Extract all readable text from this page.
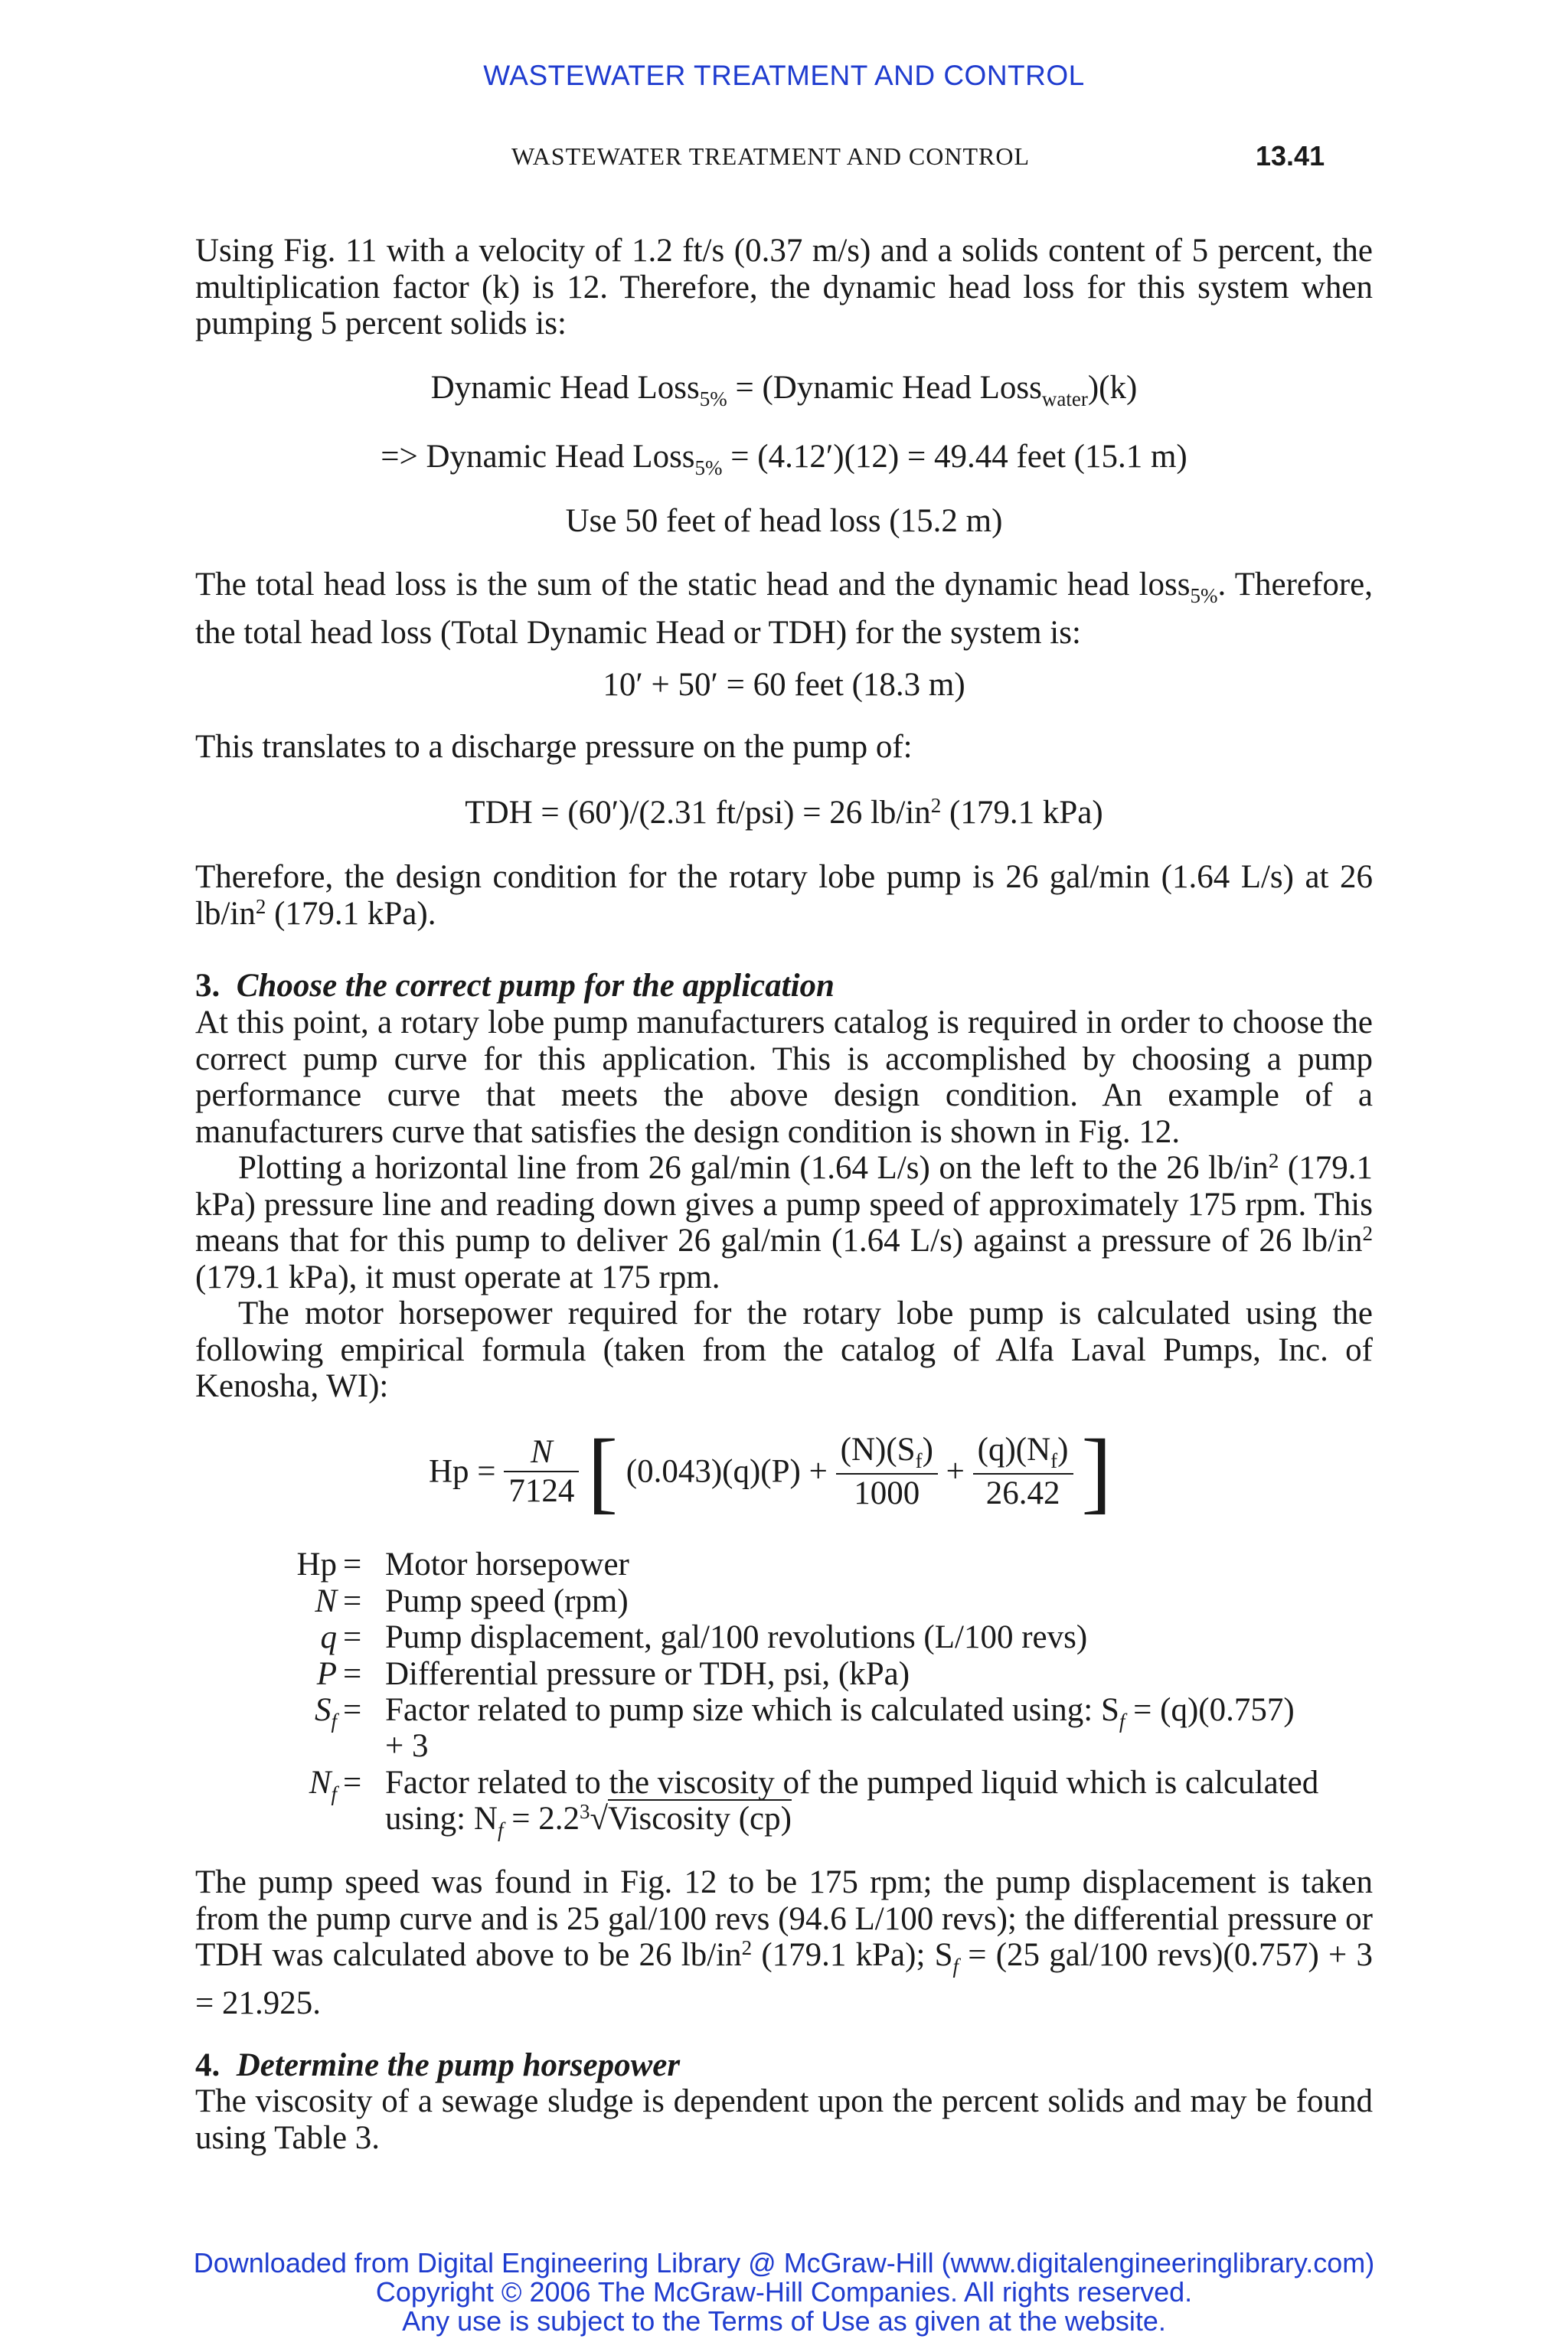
WASTEWATER TREATMENT AND CONTROL
WASTEWATER TREATMENT AND CONTROL	13.41
Using Fig. 11 with a velocity of 1.2 ft/s (0.37 m/s) and a solids content of 5 percent, the multiplication factor (k) is 12. Therefore, the dynamic head loss for this system when pumping 5 percent solids is:
Dynamic Head Loss$_{5\%}$ = (Dynamic Head Loss$_{water}$)(k)
=> Dynamic Head Loss$_{5\%}$ = (4.12′)(12) = 49.44 feet (15.1 m)
Use 50 feet of head loss (15.2 m)
The total head loss is the sum of the static head and the dynamic head loss$_{5\%}$. Therefore, the total head loss (Total Dynamic Head or TDH) for the system is:
10′ + 50′ = 60 feet (18.3 m)
This translates to a discharge pressure on the pump of:
TDH = (60′)/(2.31 ft/psi) = 26 $lb/in^2$ (179.1 kPa)
Therefore, the design condition for the rotary lobe pump is 26 gal/min (1.64 L/s) at 26 $lb/in^2$ (179.1 kPa).
3. Choose the correct pump for the application
At this point, a rotary lobe pump manufacturers catalog is required in order to choose the correct pump curve for this application. This is accomplished by choosing a pump performance curve that meets the above design condition. An example of a manufacturers curve that satisfies the design condition is shown in Fig. 12.
Plotting a horizontal line from 26 gal/min (1.64 L/s) on the left to the 26 $lb/in^2$ (179.1 kPa) pressure line and reading down gives a pump speed of approximately 175 rpm. This means that for this pump to deliver 26 gal/min (1.64 L/s) against a pressure of 26 $lb/in^2$ (179.1 kPa), it must operate at 175 rpm.
The motor horsepower required for the rotary lobe pump is calculated using the following empirical formula (taken from the catalog of Alfa Laval Pumps, Inc. of Kenosha, WI):
$Hp = \frac{N}{7124}$ [ $(0.043)(q)(P) + \frac{(N)(S_f)}{1000} + \frac{(q)(N_f)}{26.42}$ ]
Hp = Motor horsepower
N = Pump speed (rpm)
q = Pump displacement, gal/100 revolutions (L/100 revs)
P = Differential pressure or TDH, psi, (kPa)
$S_f$ = Factor related to pump size which is calculated using: $S_f = (q)(0.757)$
+ 3
$N_f$ = Factor related to the viscosity of the pumped liquid which is calculated
using: $N_f$ = $2.2^3√Viscosity$ (cp)
The pump speed was found in Fig. 12 to be 175 rpm; the pump displacement is taken from the pump curve and is 25 gal/100 revs (94.6 L/100 revs); the differential pressure or TDH was calculated above to be 26 $lb/in^2$ (179.1 kPa); $S_f = (25$ gal/100 revs)(0.757) + 3 = 21.925.
4. Determine the pump horsepower
The viscosity of a sewage sludge is dependent upon the percent solids and may be found using Table 3.
Downloaded from Digital Engineering Library @ McGraw-Hill (www.digitalengineeringlibrary.com)
Copyright © 2006 The McGraw-Hill Companies. All rights reserved.
Any use is subject to the Terms of Use as given at the website.
